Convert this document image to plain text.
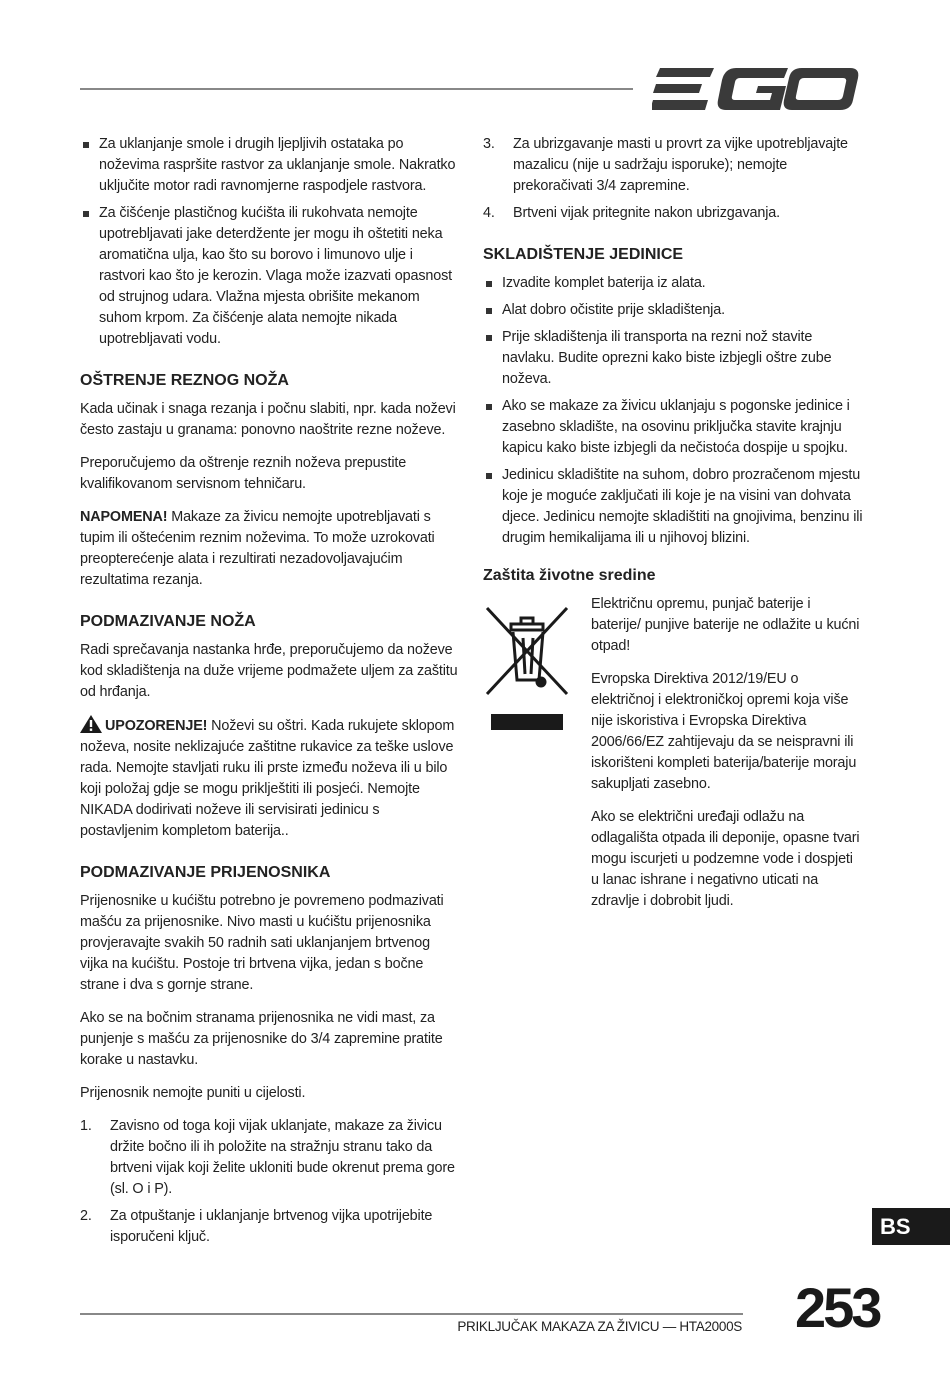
Za uklanjanje smole i drugih ljepljivih ostataka po noževima raspršite rastvor za uklanjanje smole. Nakratko uključite motor radi ravnomjerne raspodjele rastvora.
Za čišćenje plastičnog kućišta ili rukohvata nemojte upotrebljavati jake deterdžente jer mogu ih oštetiti neka aromatična ulja, kao što su borovo i limunovo ulje i rastvori kao što je kerozin. Vlaga može izazvati opasnost od strujnog udara. Vlažna mjesta obrišite mekanom suhom krpom. Za čišćenje alata nemojte nikada upotrebljavati vodu.
OŠTRENJE REZNOG NOŽA

Kada učinak i snaga rezanja i počnu slabiti, npr. kada noževi često zastaju u granama: ponovno naoštrite rezne noževe.

Preporučujemo da oštrenje reznih noževa prepustite kvalifikovanom servisnom tehničaru.

NAPOMENA! Makaze za živicu nemojte upotrebljavati s tupim ili oštećenim reznim noževima. To može uzrokovati preopterećenje alata i rezultirati nezadovoljavajućim rezultatima rezanja.

PODMAZIVANJE NOŽA

Radi sprečavanja nastanka hrđe, preporučujemo da noževe kod skladištenja na duže vrijeme podmažete uljem za zaštitu od hrđanja.

UPOZORENJE! Noževi su oštri. Kada rukujete sklopom noževa, nosite neklizajuće zaštitne rukavice za teške uslove rada. Nemojte stavljati ruku ili prste između noževa ili u bilo koji položaj gdje se mogu priklještiti ili posjeći. Nemojte NIKADA dodirivati noževe ili servisirati jedinicu s postavljenim kompletom baterija..

PODMAZIVANJE PRIJENOSNIKA

Prijenosnike u kućištu potrebno je povremeno podmazivati mašću za prijenosnike. Nivo masti u kućištu prijenosnika provjeravajte svakih 50 radnih sati uklanjanjem brtvenog vijka na kućištu. Postoje tri brtvena vijka, jedan s bočne strane i dva s gornje strane.

Ako se na bočnim stranama prijenosnika ne vidi mast, za punjenje s mašću za prijenosnike do 3/4 zapremine pratite korake u nastavku.

Prijenosnik nemojte puniti u cijelosti.

1. Zavisno od toga koji vijak uklanjate, makaze za živicu držite bočno ili ih položite na stražnju stranu tako da brtveni vijak koji želite ukloniti bude okrenut prema gore (sl. O i P).
2. Za otpuštanje i uklanjanje brtvenog vijka upotrijebite isporučeni ključ.
3. Za ubrizgavanje masti u provrt za vijke upotrebljavajte mazalicu (nije u sadržaju isporuke); nemojte prekoračivati 3/4 zapremine.
4. Brtveni vijak pritegnite nakon ubrizgavanja.
SKLADIŠTENJE JEDINICE
Izvadite komplet baterija iz alata.
Alat dobro očistite prije skladištenja.
Prije skladištenja ili transporta na rezni nož stavite navlaku. Budite oprezni kako biste izbjegli oštre zube noževa.
Ako se makaze za živicu uklanjaju s pogonske jedinice i zasebno skladište, na osovinu priključka stavite krajnju kapicu kako biste izbjegli da nečistoća dospije u spojku.
Jedinicu skladištite na suhom, dobro prozračenom mjestu koje je moguće zaključati ili koje je na visini van dohvata djece. Jedinicu nemojte skladištiti na gnojivima, benzinu ili drugim hemikalijama ili u njihovoj blizini.
Zaštita životne sredine

Električnu opremu, punjač baterije i baterije/ punjive baterije ne odlažite u kućni otpad!

Evropska Direktiva 2012/19/EU o električnoj i elektroničkoj opremi koja više nije iskoristiva i Evropska Direktiva 2006/66/EZ zahtijevaju da se neispravni ili iskorišteni kompleti baterija/baterije moraju sakupljati zasebno.

Ako se električni uređaji odlažu na odlagališta otpada ili deponije, opasne tvari mogu iscurjeti u podzemne vode i dospjeti u lanac ishrane i negativno uticati na zdravlje i dobrobit ljudi.

BS
PRIKLJUČAK MAKAZA ZA ŽIVICU — HTA2000S 253
